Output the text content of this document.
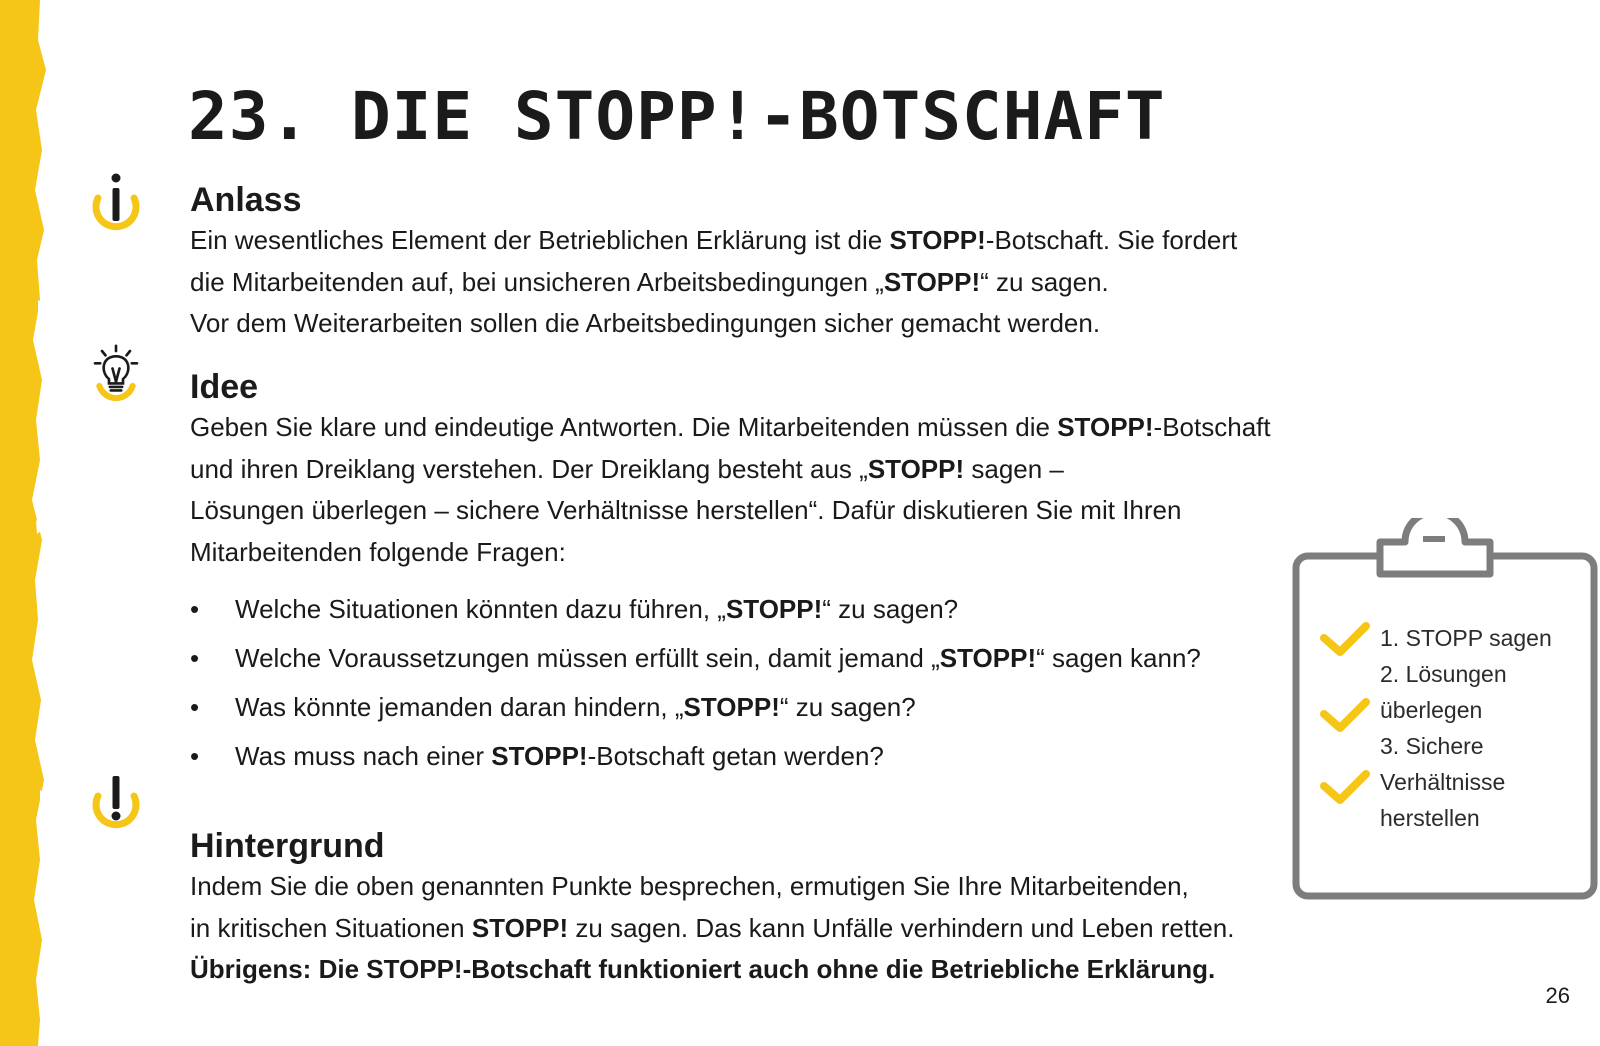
23. DIE STOPP!-BOTSCHAFT
Anlass

Ein wesentliches Element der Betrieblichen Erklärung ist die STOPP!-Botschaft. Sie fordert
die Mitarbeitenden auf, bei unsicheren Arbeitsbedingungen „STOPP!“ zu sagen.
Vor dem Weiterarbeiten sollen die Arbeitsbedingungen sicher gemacht werden.

Idee

Geben Sie klare und eindeutige Antworten. Die Mitarbeitenden müssen die STOPP!-Botschaft
und ihren Dreiklang verstehen. Der Dreiklang besteht aus „STOPP! sagen –
Lösungen überlegen – sichere Verhältnisse herstellen“. Dafür diskutieren Sie mit Ihren
Mitarbeitenden folgende Fragen:

• Welche Situationen könnten dazu führen, „STOPP!“ zu sagen?
• Welche Voraussetzungen müssen erfüllt sein, damit jemand „STOPP!“ sagen kann?
• Was könnte jemanden daran hindern, „STOPP!“ zu sagen?
• Was muss nach einer STOPP!-Botschaft getan werden?
Hintergrund

Indem Sie die oben genannten Punkte besprechen, ermutigen Sie Ihre Mitarbeitenden,
in kritischen Situationen STOPP! zu sagen. Das kann Unfälle verhindern und Leben retten.
Übrigens: Die STOPP!-Botschaft funktioniert auch ohne die Betriebliche Erklärung.

1. STOPP sagen
2. Lösungen
überlegen
3. Sichere
Verhältnisse
herstellen
26
